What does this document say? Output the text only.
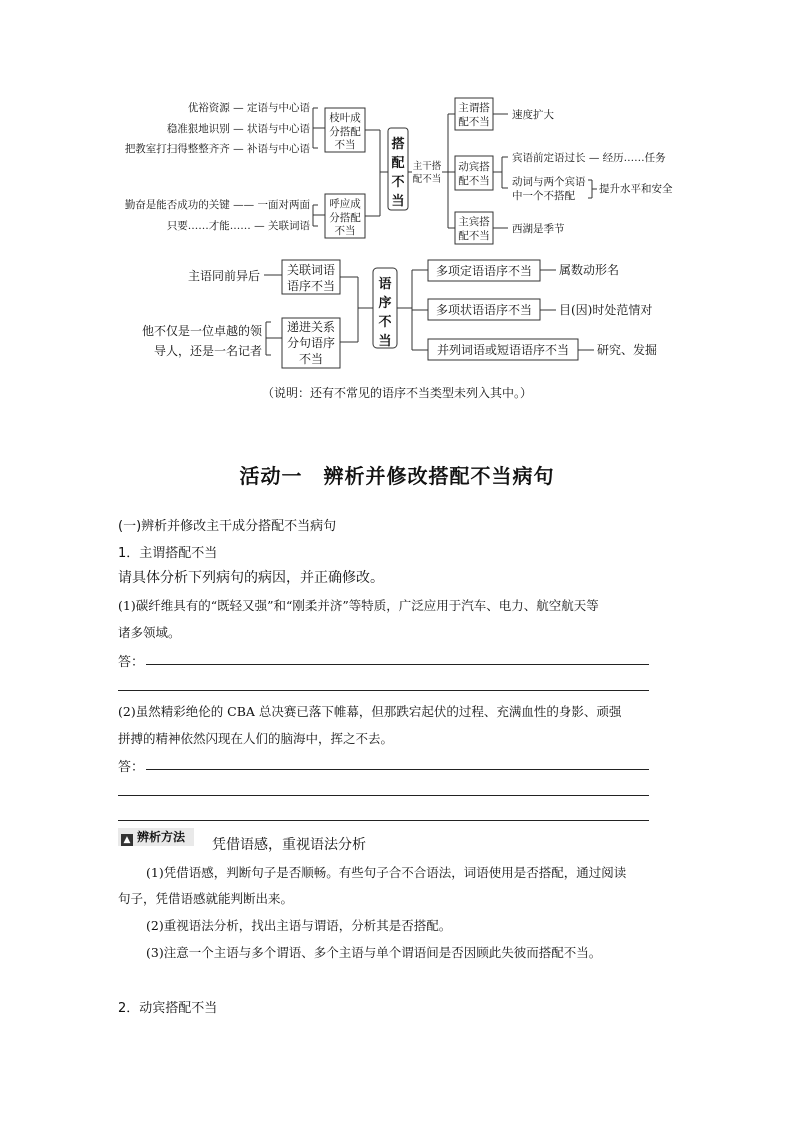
优裕资源 — 定语与中心语
稳准狠地识别 — 状语与中心语
把教室打扫得整整齐齐 — 补语与中心语
勤奋是能否成功的关键 —— 一面对两面
只要……才能…… — 关联词语
枝叶成
分搭配
不当
呼应成
分搭配
不当
搭
配
不
当
主干搭
配不当
主谓搭
配不当
动宾搭
配不当
主宾搭
配不当
速度扩大
宾语前定语过长 — 经历……任务
动词与两个宾语
中一个不搭配
提升水平和安全
西湖是季节
主语同前异后
他不仅是一位卓越的领
导人，还是一名记者
关联词语
语序不当
递进关系
分句语序
不当
语
序
不
当
多项定语语序不当
多项状语语序不当
并列词语或短语语序不当
属数动形名
目(因)时处范情对
研究、发掘
（说明：还有不常见的语序不当类型未列入其中。）
活动一　辨析并修改搭配不当病句
(一)辨析并修改主干成分搭配不当病句
1．主谓搭配不当
请具体分析下列病句的病因，并正确修改。
(1)碳纤维具有的“既轻又强”和“刚柔并济”等特质，广泛应用于汽车、电力、航空航天等
诸多领域。
答：
(2)虽然精彩绝伦的 CBA 总决赛已落下帷幕，但那跌宕起伏的过程、充满血性的身影、顽强
拼搏的精神依然闪现在人们的脑海中，挥之不去。
答：
▲ 辨析方法	凭借语感，重视语法分析
(1)凭借语感，判断句子是否顺畅。有些句子合不合语法，词语使用是否搭配，通过阅读
句子，凭借语感就能判断出来。
(2)重视语法分析，找出主语与谓语，分析其是否搭配。
(3)注意一个主语与多个谓语、多个主语与单个谓语间是否因顾此失彼而搭配不当。
2．动宾搭配不当
